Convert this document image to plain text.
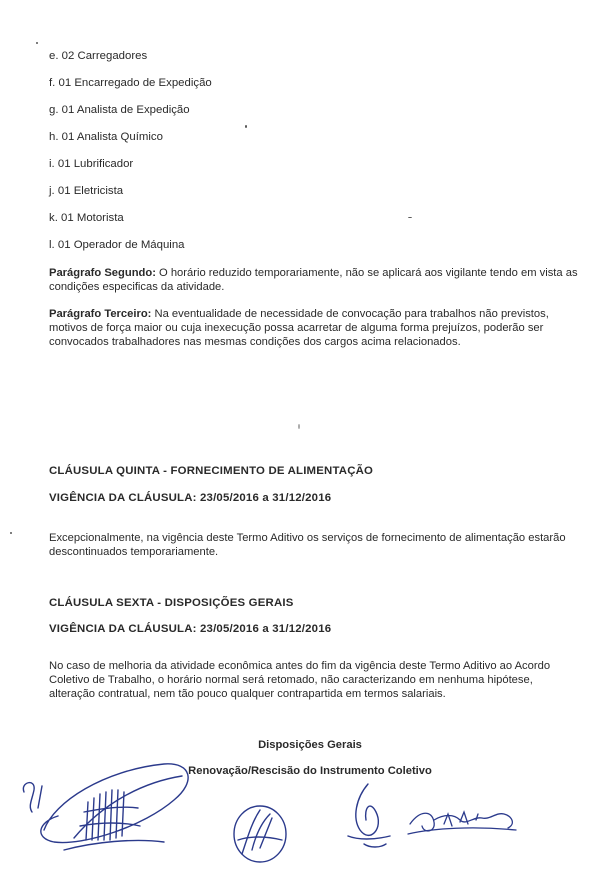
e. 02 Carregadores
f. 01 Encarregado de Expedição
g. 01 Analista de Expedição
h. 01 Analista Químico
i. 01 Lubrificador
j. 01 Eletricista
k. 01 Motorista
l. 01 Operador de Máquina
Parágrafo Segundo: O horário reduzido temporariamente, não se aplicará aos vigilante tendo em vista as condições especificas da atividade.
Parágrafo Terceiro: Na eventualidade de necessidade de convocação para trabalhos não previstos, motivos de força maior ou cuja inexecução possa acarretar de alguma forma prejuízos, poderão ser convocados trabalhadores nas mesmas condições dos cargos acima relacionados.
CLÁUSULA QUINTA - FORNECIMENTO DE ALIMENTAÇÃO
VIGÊNCIA DA CLÁUSULA: 23/05/2016 a 31/12/2016
Excepcionalmente, na vigência deste Termo Aditivo os serviços de fornecimento de alimentação estarão descontinuados temporariamente.
CLÁUSULA SEXTA - DISPOSIÇÕES GERAIS
VIGÊNCIA DA CLÁUSULA: 23/05/2016 a 31/12/2016
No caso de melhoria da atividade econômica antes do fim da vigência deste Termo Aditivo ao Acordo Coletivo de Trabalho, o horário normal será retomado, não caracterizando em nenhuma hipótese, alteração contratual, nem tão pouco qualquer contrapartida em termos salariais.
Disposições Gerais
Renovação/Rescisão do Instrumento Coletivo
